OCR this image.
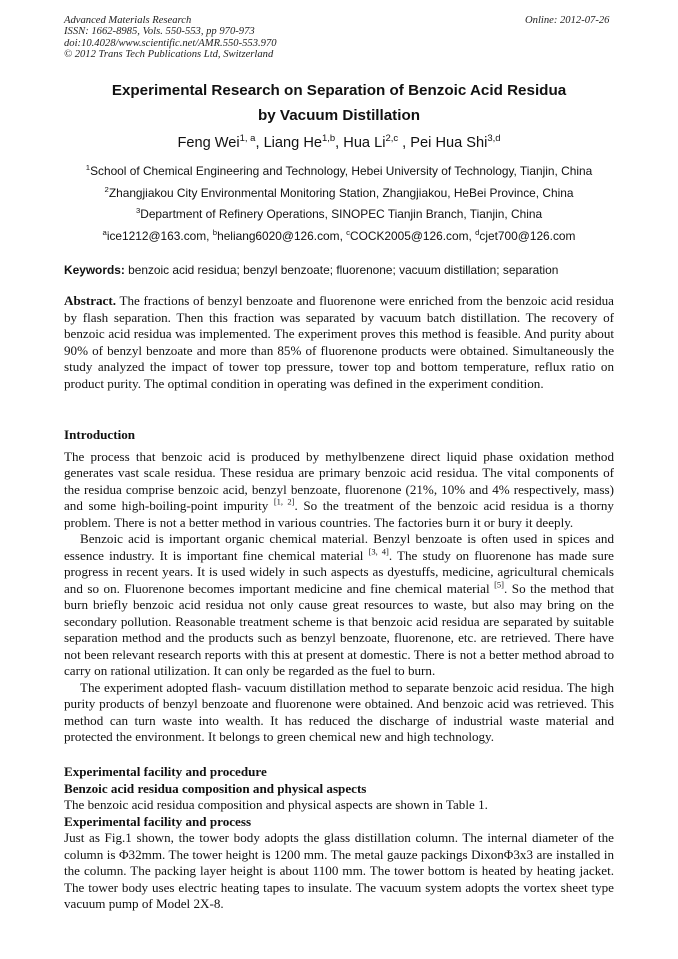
Advanced Materials Research
ISSN: 1662-8985, Vols. 550-553, pp 970-973
doi:10.4028/www.scientific.net/AMR.550-553.970
© 2012 Trans Tech Publications Ltd, Switzerland
Online: 2012-07-26
Experimental Research on Separation of Benzoic Acid Residua
by Vacuum Distillation
Feng Wei$^{1, a}$, Liang He$^{1,b}$, Hua Li$^{2,c}$ , Pei Hua Shi$^{3,d}$
$^1$School of Chemical Engineering and Technology, Hebei University of Technology, Tianjin, China
$^2$Zhangjiakou City Environmental Monitoring Station, Zhangjiakou, HeBei Province, China
$^3$Department of Refinery Operations, SINOPEC Tianjin Branch, Tianjin, China
$^a$ice1212@163.com, $^b$heliang6020@126.com, $^c$COCK2005@126.com, $^d$cjet700@126.com
Keywords: benzoic acid residua; benzyl benzoate; fluorenone; vacuum distillation; separation

Abstract. The fractions of benzyl benzoate and fluorenone were enriched from the benzoic acid residua by flash separation. Then this fraction was separated by vacuum batch distillation. The recovery of benzoic acid residua was implemented. The experiment proves this method is feasible. And purity about 90% of benzyl benzoate and more than 85% of fluorenone products were obtained. Simultaneously the study analyzed the impact of tower top pressure, tower top and bottom temperature, reflux ratio on product purity. The optimal condition in operating was defined in the experiment condition.

Introduction

The process that benzoic acid is produced by methylbenzene direct liquid phase oxidation method generates vast scale residua. These residua are primary benzoic acid residua. The vital components of the residua comprise benzoic acid, benzyl benzoate, fluorenone (21%, 10% and 4% respectively, mass) and some high-boiling-point impurity [1, 2]. So the treatment of the benzoic acid residua is a thorny problem. There is not a better method in various countries. The factories burn it or bury it deeply.

Benzoic acid is important organic chemical material. Benzyl benzoate is often used in spices and essence industry. It is important fine chemical material [3, 4]. The study on fluorenone has made sure progress in recent years. It is used widely in such aspects as dyestuffs, medicine, agricultural chemicals and so on. Fluorenone becomes important medicine and fine chemical material [5]. So the method that burn briefly benzoic acid residua not only cause great resources to waste, but also may bring on the secondary pollution. Reasonable treatment scheme is that benzoic acid residua are separated by suitable separation method and the products such as benzyl benzoate, fluorenone, etc. are retrieved. There have not been relevant research reports with this at present at domestic. There is not a better method abroad to carry on rational utilization. It can only be regarded as the fuel to burn.

The experiment adopted flash- vacuum distillation method to separate benzoic acid residua. The high purity products of benzyl benzoate and fluorenone were obtained. And benzoic acid was retrieved. This method can turn waste into wealth. It has reduced the discharge of industrial waste material and protected the environment. It belongs to green chemical new and high technology.

Experimental facility and procedure
Benzoic acid residua composition and physical aspects

The benzoic acid residua composition and physical aspects are shown in Table 1.

Experimental facility and process

Just as Fig.1 shown, the tower body adopts the glass distillation column. The internal diameter of the column is Φ32mm. The tower height is 1200 mm. The metal gauze packings DixonΦ3x3 are installed in the column. The packing layer height is about 1100 mm. The tower bottom is heated by heating jacket. The tower body uses electric heating tapes to insulate. The vacuum system adopts the vortex sheet type vacuum pump of Model 2X-8.
